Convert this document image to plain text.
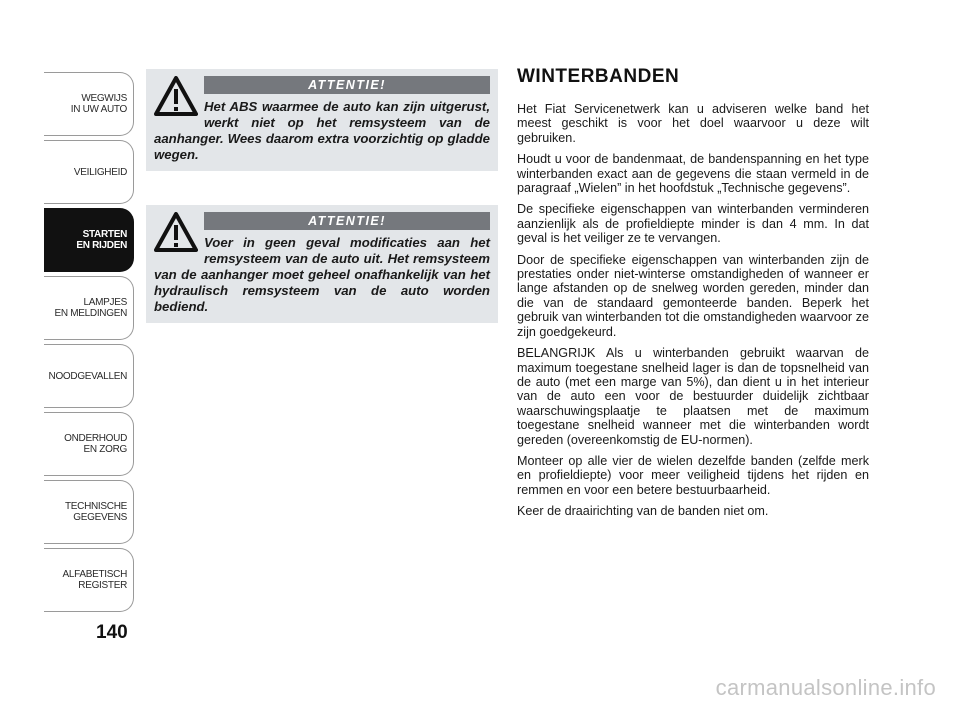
WEGWIJS
IN UW AUTO
VEILIGHEID
STARTEN
EN RIJDEN
LAMPJES
EN MELDINGEN
NOODGEVALLEN
ONDERHOUD
EN ZORG
TECHNISCHE
GEGEVENS
ALFABETISCH
REGISTER
140
ATTENTIE!

Het ABS waarmee de auto kan zijn uitgerust, werkt niet op het remsysteem van de aanhanger. Wees daarom extra voorzichtig op gladde wegen.

ATTENTIE!

Voer in geen geval modificaties aan het remsysteem van de auto uit. Het remsysteem van de aanhanger moet geheel onafhankelijk van het hydraulisch remsysteem van de auto worden bediend.

WINTERBANDEN

Het Fiat Servicenetwerk kan u adviseren welke band het meest geschikt is voor het doel waarvoor u deze wilt gebruiken.

Houdt u voor de bandenmaat, de bandenspanning en het type winterbanden exact aan de gegevens die staan vermeld in de paragraaf „Wielen” in het hoofdstuk „Technische gegevens”.

De specifieke eigenschappen van winterbanden verminderen aanzienlijk als de profieldiepte minder is dan 4 mm. In dat geval is het veiliger ze te vervangen.

Door de specifieke eigenschappen van winterbanden zijn de prestaties onder niet-winterse omstandigheden of wanneer er lange afstanden op de snelweg worden gereden, minder dan die van de standaard gemonteerde banden. Beperk het gebruik van winterbanden tot die omstandigheden waarvoor ze zijn goedgekeurd.

BELANGRIJK Als u winterbanden gebruikt waarvan de maximum toegestane snelheid lager is dan de topsnelheid van de auto (met een marge van 5%), dan dient u in het interieur van de auto een voor de bestuurder duidelijk zichtbaar waarschuwingsplaatje te plaatsen met de maximum toegestane snelheid wanneer met die winterbanden wordt gereden (overeenkomstig de EU-normen).

Monteer op alle vier de wielen dezelfde banden (zelfde merk en profieldiepte) voor meer veiligheid tijdens het rijden en remmen en voor een betere bestuurbaarheid.

Keer de draairichting van de banden niet om.

carmanualsonline.info
